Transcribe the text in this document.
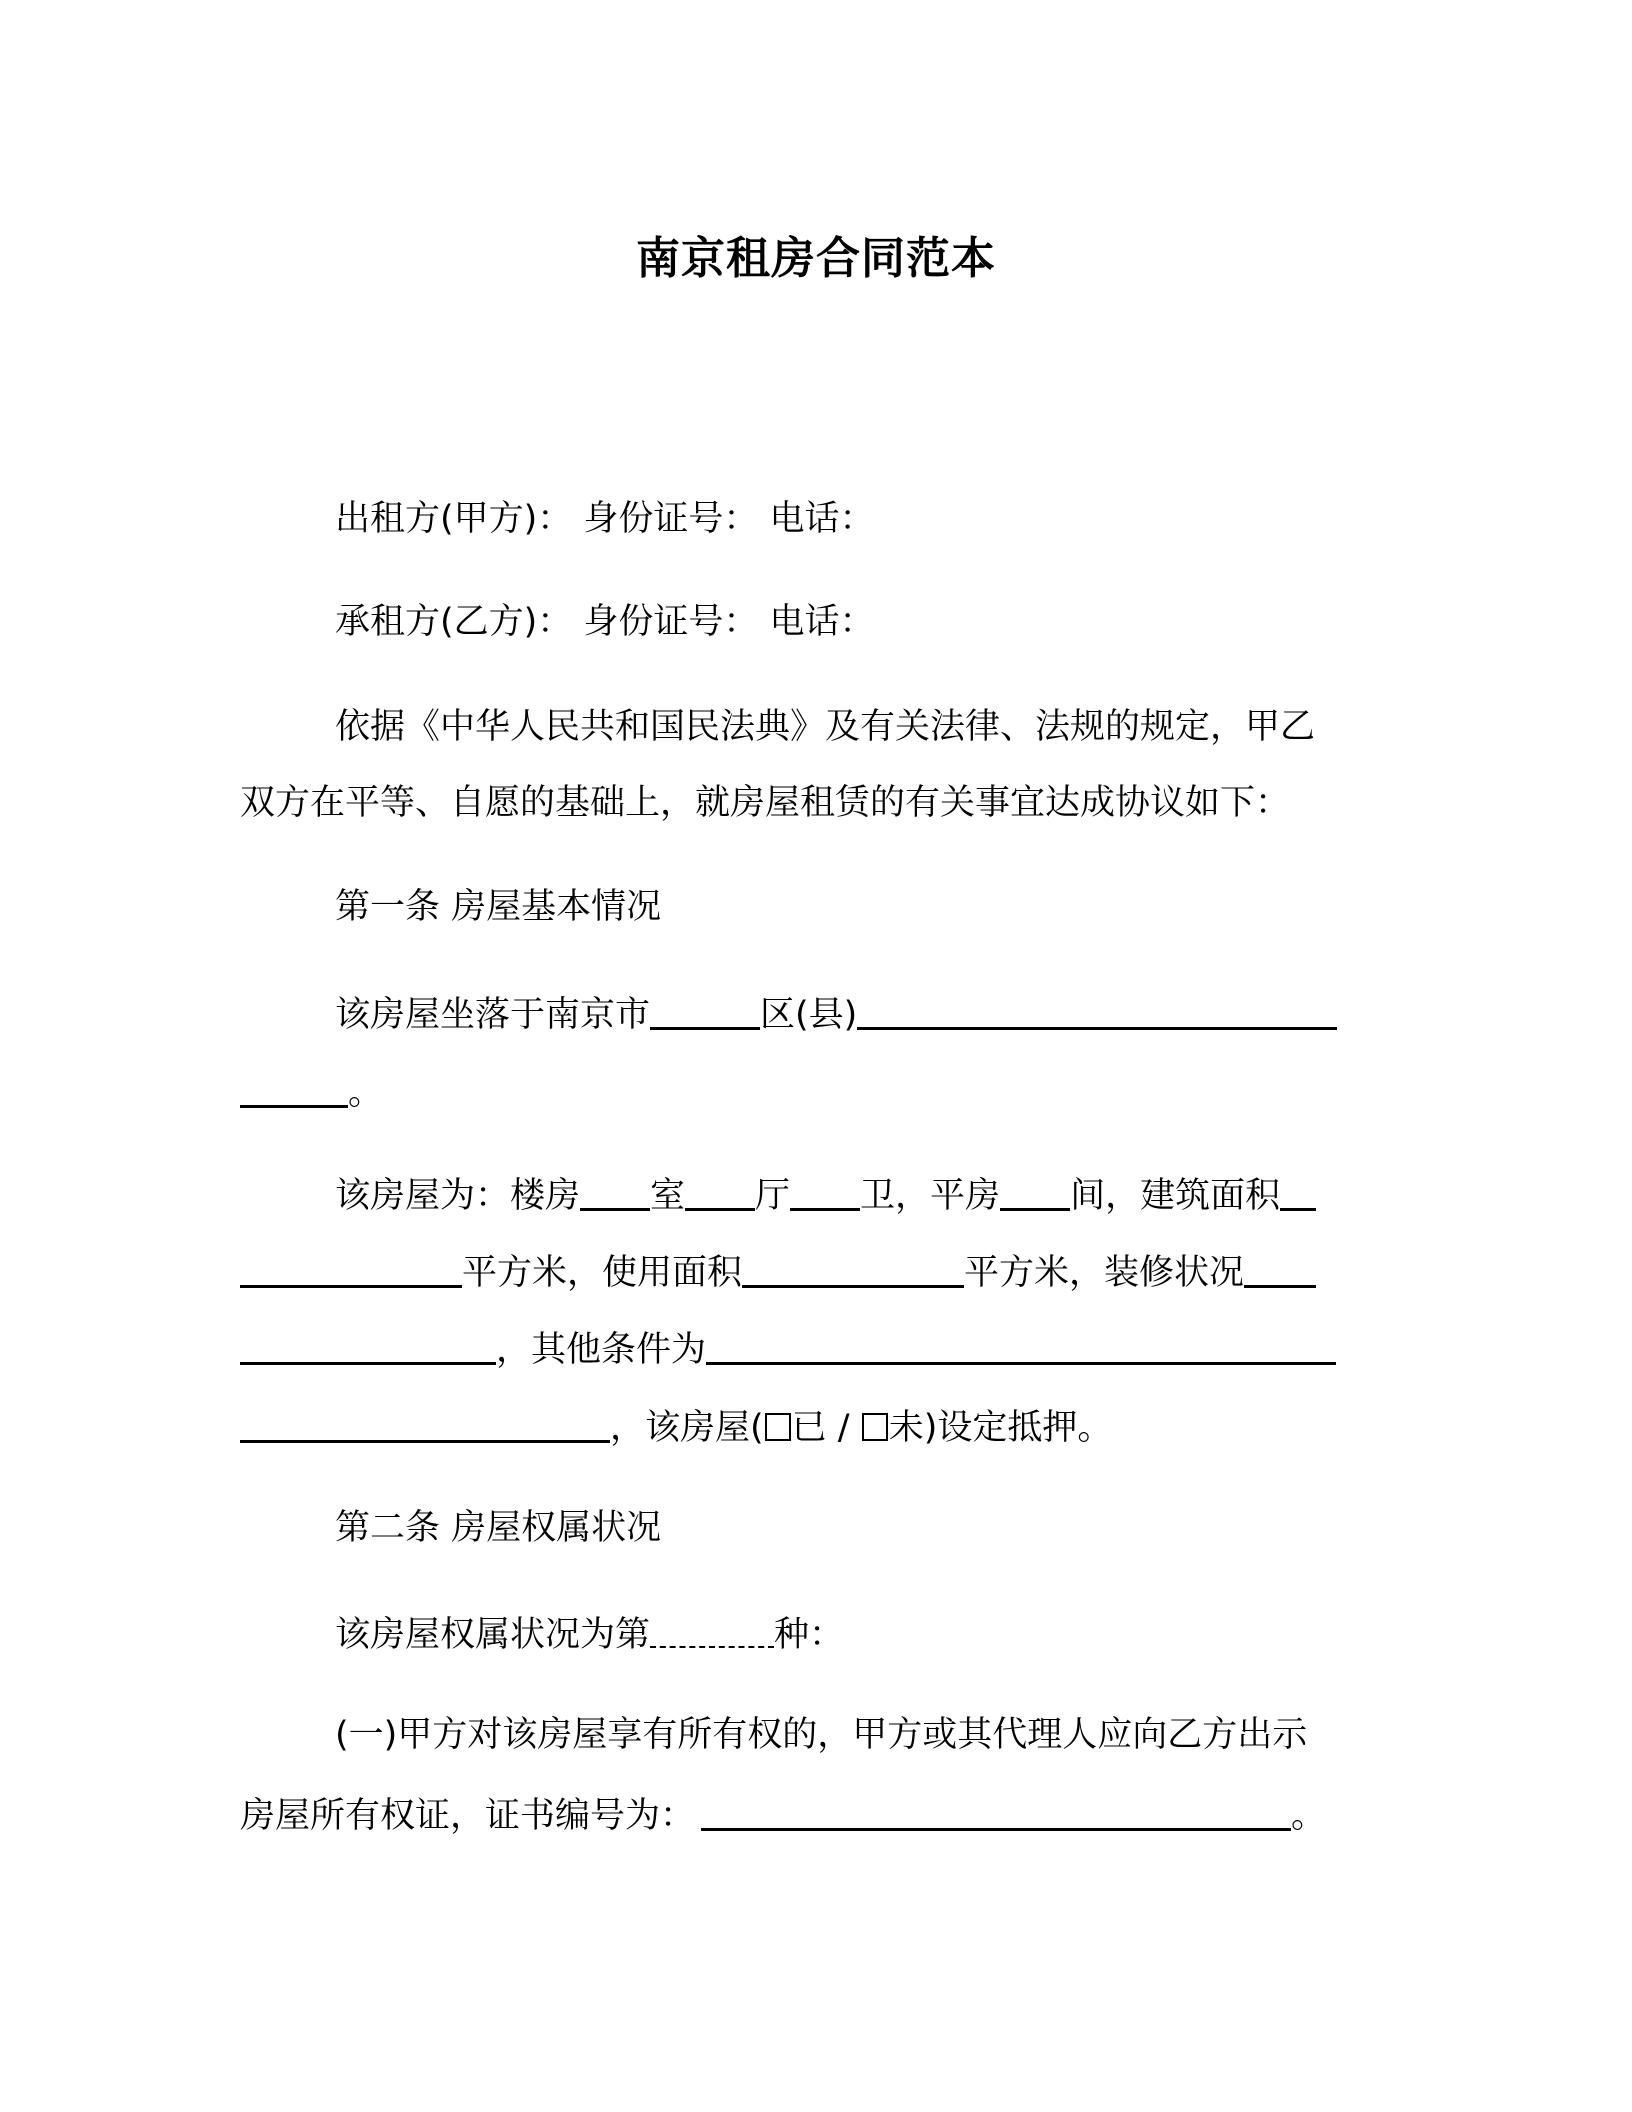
南京租房合同范本
出租方(甲方)： 身份证号： 电话：
承租方(乙方)： 身份证号： 电话：
依据《中华人民共和国民法典》及有关法律、法规的规定，甲乙
双方在平等、自愿的基础上，就房屋租赁的有关事宜达成协议如下：
第一条 房屋基本情况
该房屋坐落于南京市	区(县)
。
该房屋为：楼房 室 厅 卫，平房 间，建筑面积
平方米，使用面积	平方米，装修状况
，其他条件为
，该房屋( 已 / 未)设定抵押。
第二条 房屋权属状况
该房屋权属状况为第	种：
(一)甲方对该房屋享有所有权的，甲方或其代理人应向乙方出示
房屋所有权证，证书编号为：	。
